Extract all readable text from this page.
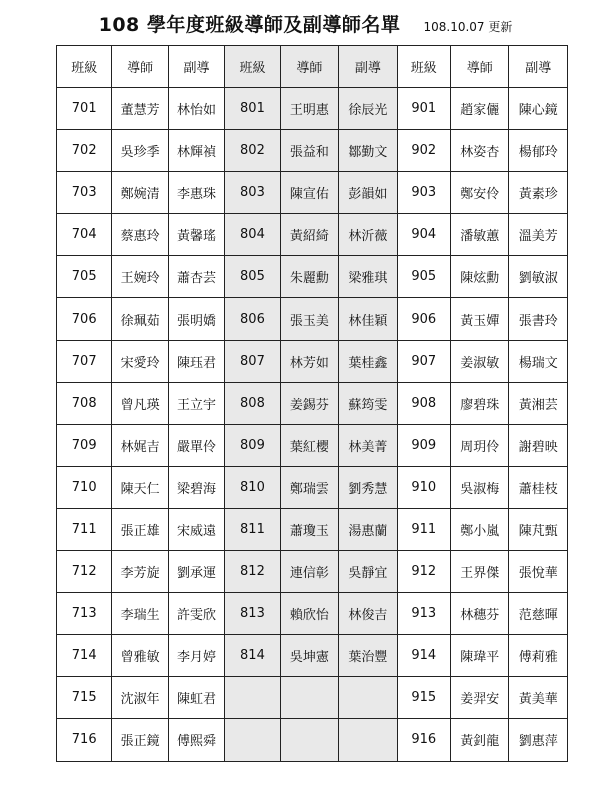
108 學年度班級導師及副導師名單 108.10.07 更新
班級	導師	副導	班級	導師	副導	班級	導師	副導
701	董慧芳	林怡如	801	王明惠	徐辰光	901	趙家儷	陳心鏡
702	吳珍季	林輝禎	802	張益和	鄒勤文	902	林姿杏	楊郁玲
703	鄭婉清	李惠珠	803	陳宣佑	彭韻如	903	鄭安伶	黃素珍
704	蔡惠玲	黃馨瑤	804	黃紹綺	林沂薇	904	潘敏蕙	溫美芳
705	王婉玲	蕭杏芸	805	朱麗勳	梁雅琪	905	陳炫勳	劉敏淑
706	徐珮茹	張明嬌	806	張玉美	林佳穎	906	黃玉嬋	張書玲
707	宋愛玲	陳珏君	807	林芳如	葉桂鑫	907	姜淑敏	楊瑞文
708	曾凡瑛	王立宇	808	姜錫芬	蘇筠雯	908	廖碧珠	黃湘芸
709	林娓吉	嚴單伶	809	葉紅櫻	林美菁	909	周玥伶	謝碧映
710	陳天仁	梁碧海	810	鄭瑞雲	劉秀慧	910	吳淑梅	蕭桂枝
711	張正雄	宋威遠	811	蕭瓊玉	湯惠蘭	911	鄭小嵐	陳芃甄
712	李芳旋	劉承運	812	連信彰	吳靜宜	912	王界傑	張悅華
713	李瑞生	許雯欣	813	賴欣怡	林俊吉	913	林穗芬	范慈暉
714	曾雅敏	李月婷	814	吳坤憲	葉治豐	914	陳瑋平	傅莉雅
715	沈淑年	陳虹君				915	姜羿安	黃美華
716	張正鏡	傅熙舜				916	黃釗龍	劉惠萍
